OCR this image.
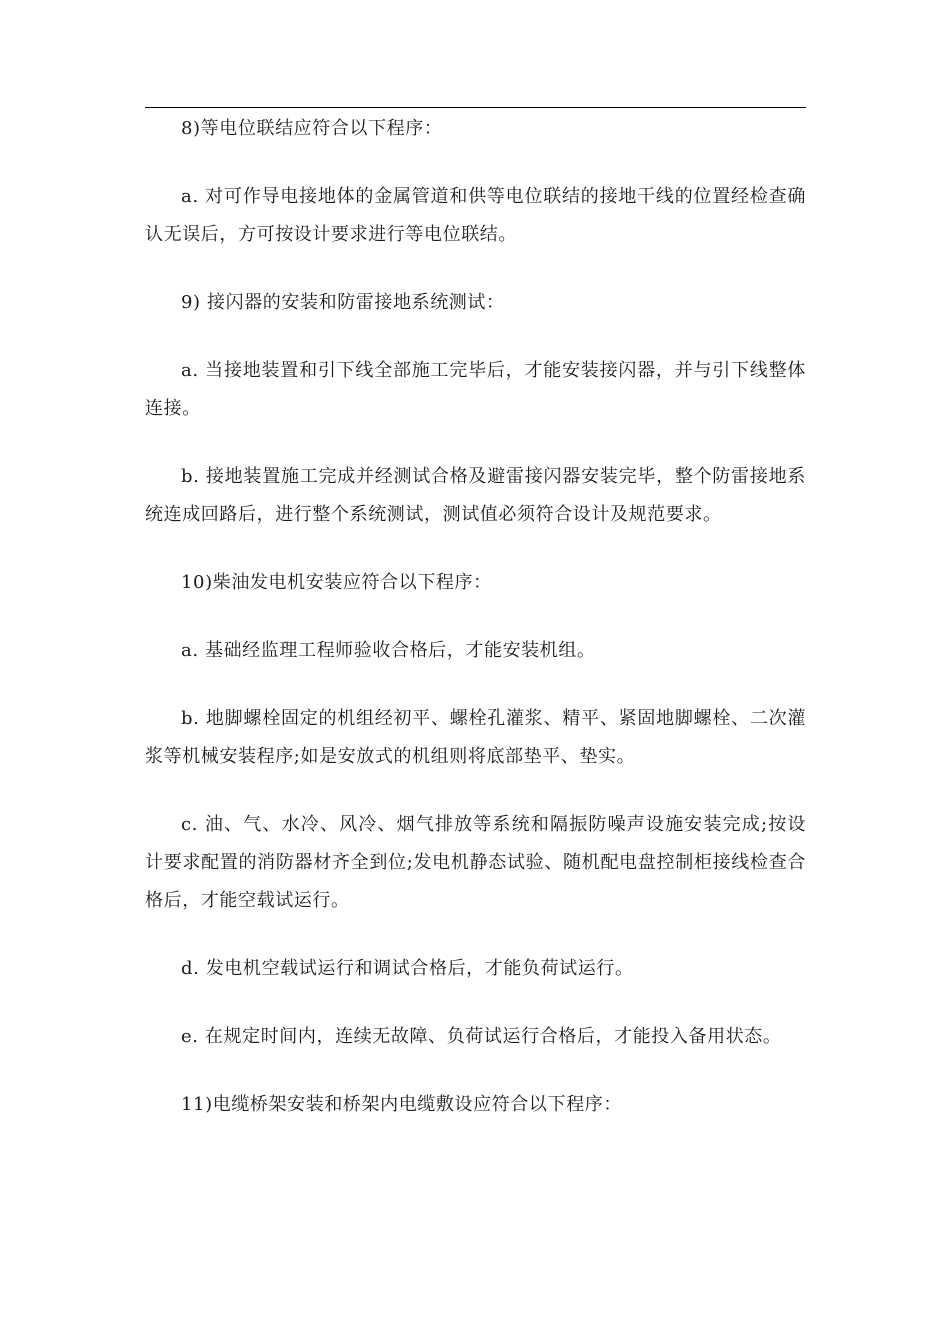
8)等电位联结应符合以下程序：

a. 对可作导电接地体的金属管道和供等电位联结的接地干线的位置经检查确认无误后，方可按设计要求进行等电位联结。

9) 接闪器的安装和防雷接地系统测试：

a. 当接地装置和引下线全部施工完毕后，才能安装接闪器，并与引下线整体连接。

b. 接地装置施工完成并经测试合格及避雷接闪器安装完毕，整个防雷接地系统连成回路后，进行整个系统测试，测试值必须符合设计及规范要求。

10)柴油发电机安装应符合以下程序：

a. 基础经监理工程师验收合格后，才能安装机组。

b. 地脚螺栓固定的机组经初平、螺栓孔灌浆、精平、紧固地脚螺栓、二次灌浆等机械安装程序;如是安放式的机组则将底部垫平、垫实。

c. 油、气、水冷、风冷、烟气排放等系统和隔振防噪声设施安装完成;按设计要求配置的消防器材齐全到位;发电机静态试验、随机配电盘控制柜接线检查合格后，才能空载试运行。

d. 发电机空载试运行和调试合格后，才能负荷试运行。

e. 在规定时间内，连续无故障、负荷试运行合格后，才能投入备用状态。

11)电缆桥架安装和桥架内电缆敷设应符合以下程序：
